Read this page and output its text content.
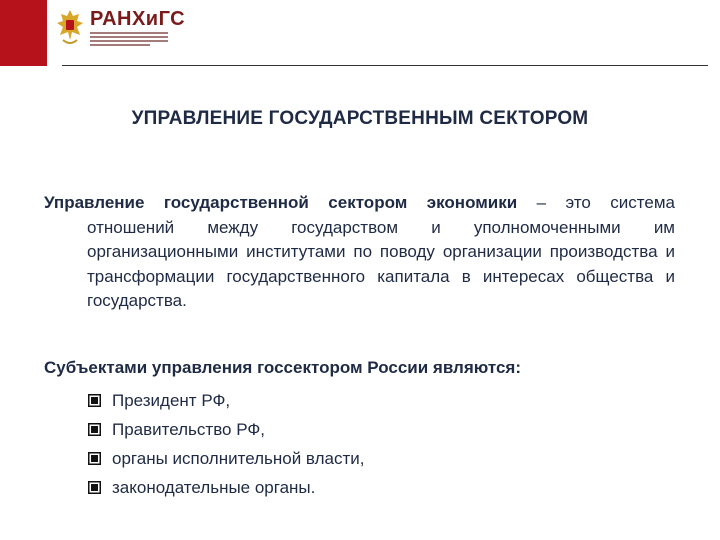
РАНХиГС
УПРАВЛЕНИЕ ГОСУДАРСТВЕННЫМ СЕКТОРОМ
Управление государственной сектором экономики – это система отношений между государством и уполномоченными им организационными институтами по поводу организации производства и трансформации государственного капитала в интересах общества и государства.
Субъектами управления госсектором России являются:
Президент РФ,
Правительство РФ,
органы исполнительной власти,
законодательные органы.
